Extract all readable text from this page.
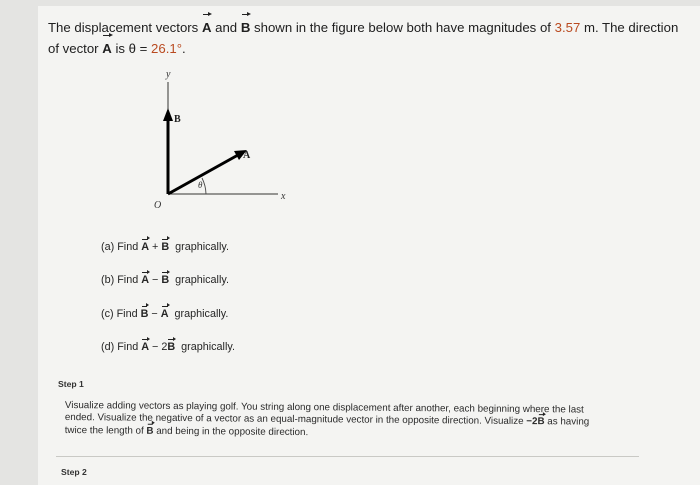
The displacement vectors A and B shown in the figure below both have magnitudes of 3.57 m. The direction
of vector A is θ = 26.1°.
y
x
O
B
A
θ
(a) Find
A
+
B
graphically.
(b) Find
A
−
B
graphically.
(c) Find
B
−
A
graphically.
(d) Find
A
− 2 B
graphically.
Step 1
Visualize adding vectors as playing golf. You string along one displacement after another, each beginning where the last ended. Visualize the negative of a vector as an equal-magnitude vector in the opposite direction. Visualize −2B as having twice the length of B and being in the opposite direction.
Step 2
